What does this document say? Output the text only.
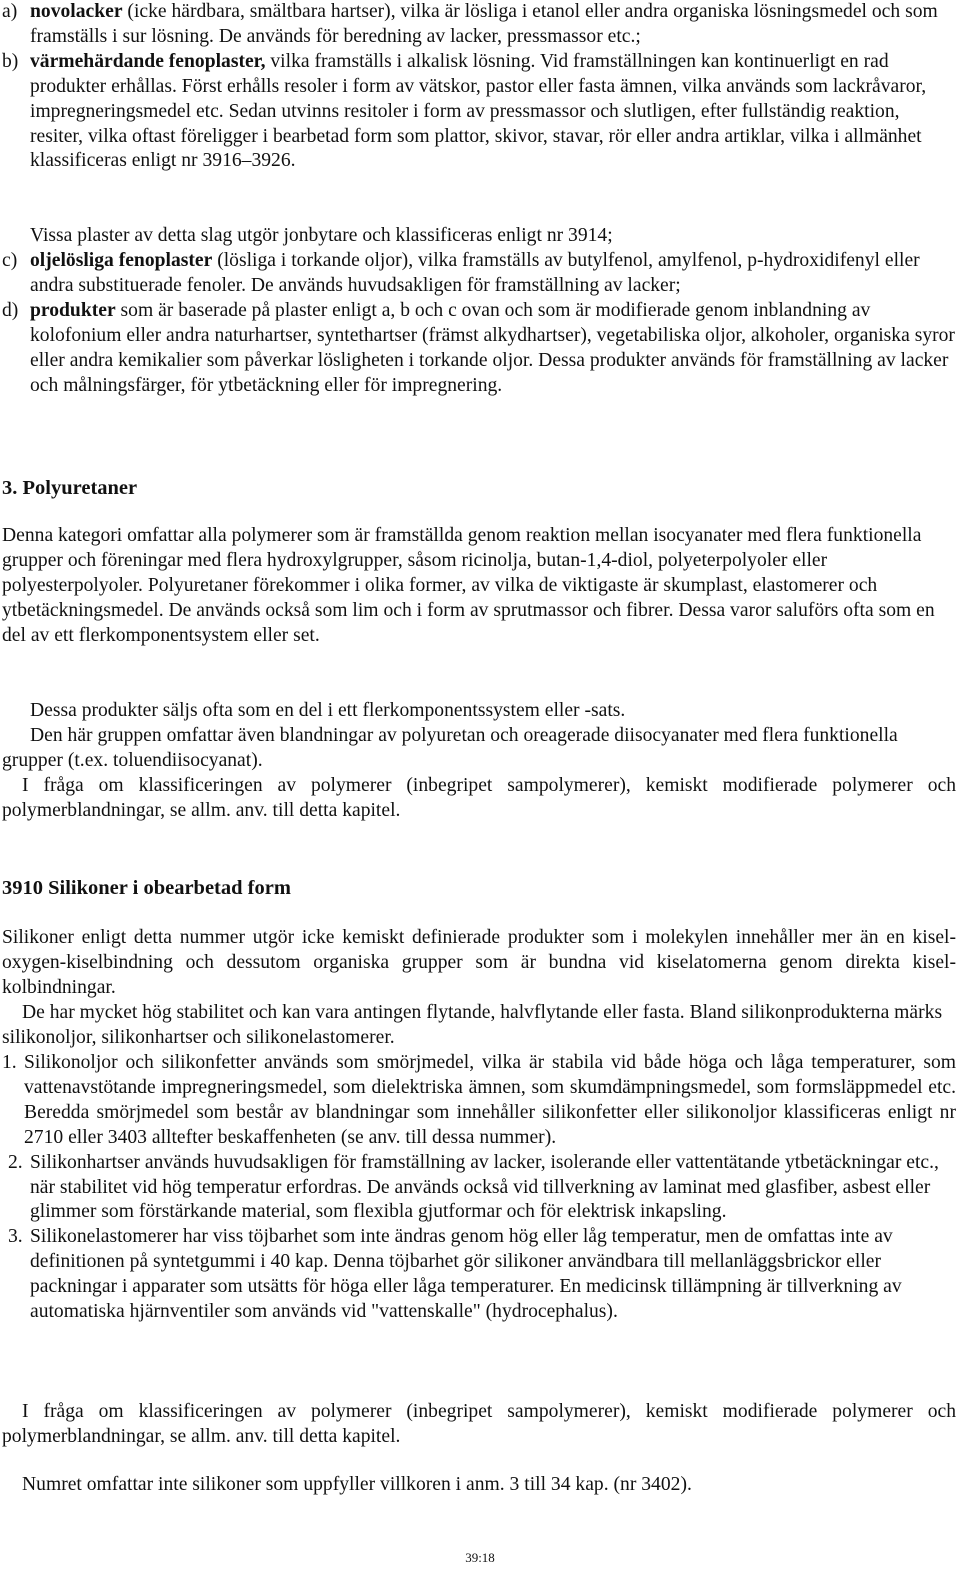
a) novolacker (icke härdbara, smältbara hartser), vilka är lösliga i etanol eller andra organiska lösningsmedel och som framställs i sur lösning. De används för beredning av lacker, pressmassor etc.;
b) värmehärdande fenoplaster, vilka framställs i alkalisk lösning. Vid framställningen kan kontinuerligt en rad produkter erhållas. Först erhålls resoler i form av vätskor, pastor eller fasta ämnen, vilka används som lackråvaror, impregneringsmedel etc. Sedan utvinns resitoler i form av pressmassor och slutligen, efter fullständig reaktion, resiter, vilka oftast föreligger i bearbetad form som plattor, skivor, stavar, rör eller andra artiklar, vilka i allmänhet klassificeras enligt nr 3916–3926.

Vissa plaster av detta slag utgör jonbytare och klassificeras enligt nr 3914;

c) oljelösliga fenoplaster (lösliga i torkande oljor), vilka framställs av butylfenol, amylfenol, p-hydroxidifenyl eller andra substituerade fenoler. De används huvudsakligen för framställning av lacker;
d) produkter som är baserade på plaster enligt a, b och c ovan och som är modifierade genom inblandning av kolofonium eller andra naturhartser, syntethartser (främst alkydhartser), vegetabiliska oljor, alkoholer, organiska syror eller andra kemikalier som påverkar lösligheten i torkande oljor. Dessa produkter används för framställning av lacker och målningsfärger, för ytbetäckning eller för impregnering.

3. Polyuretaner

Denna kategori omfattar alla polymerer som är framställda genom reaktion mellan isocyanater med flera funktionella grupper och föreningar med flera hydroxylgrupper, såsom ricinolja, butan-1,4-diol, polyeterpolyoler eller polyesterpolyoler. Polyuretaner förekommer i olika former, av vilka de viktigaste är skumplast, elastomerer och ytbetäckningsmedel. De används också som lim och i form av sprutmassor och fibrer. Dessa varor saluförs ofta som en del av ett flerkomponentsystem eller set.

Dessa produkter säljs ofta som en del i ett flerkomponentssystem eller -sats.

Den här gruppen omfattar även blandningar av polyuretan och oreagerade diisocyanater med flera funktionella grupper (t.ex. toluendiisocyanat).

I fråga om klassificeringen av polymerer (inbegripet sampolymerer), kemiskt modifierade polymerer och polymerblandningar, se allm. anv. till detta kapitel.

3910 Silikoner i obearbetad form

Silikoner enligt detta nummer utgör icke kemiskt definierade produkter som i molekylen innehåller mer än en kisel-oxygen-kiselbindning och dessutom organiska grupper som är bundna vid kiselatomerna genom direkta kisel-kolbindningar.

De har mycket hög stabilitet och kan vara antingen flytande, halvflytande eller fasta. Bland silikonprodukterna märks silikonoljor, silikonhartser och silikonelastomerer.

1. Silikonoljor och silikonfetter används som smörjmedel, vilka är stabila vid både höga och låga temperaturer, som vattenavstötande impregneringsmedel, som dielektriska ämnen, som skumdämpningsmedel, som formsläppmedel etc. Beredda smörjmedel som består av blandningar som innehåller silikonfetter eller silikonoljor klassificeras enligt nr 2710 eller 3403 alltefter beskaffenheten (se anv. till dessa nummer).
2. Silikonhartser används huvudsakligen för framställning av lacker, isolerande eller vattentätande ytbetäckningar etc., när stabilitet vid hög temperatur erfordras. De används också vid tillverkning av laminat med glasfiber, asbest eller glimmer som förstärkande material, som flexibla gjutformar och för elektrisk inkapsling.
3. Silikonelastomerer har viss töjbarhet som inte ändras genom hög eller låg temperatur, men de omfattas inte av definitionen på syntetgummi i 40 kap. Denna töjbarhet gör silikoner användbara till mellanläggsbrickor eller packningar i apparater som utsätts för höga eller låga temperaturer. En medicinsk tillämpning är tillverkning av automatiska hjärnventiler som används vid "vattenskalle" (hydrocephalus).

I fråga om klassificeringen av polymerer (inbegripet sampolymerer), kemiskt modifierade polymerer och polymerblandningar, se allm. anv. till detta kapitel.

Numret omfattar inte silikoner som uppfyller villkoren i anm. 3 till 34 kap. (nr 3402).

39:18
